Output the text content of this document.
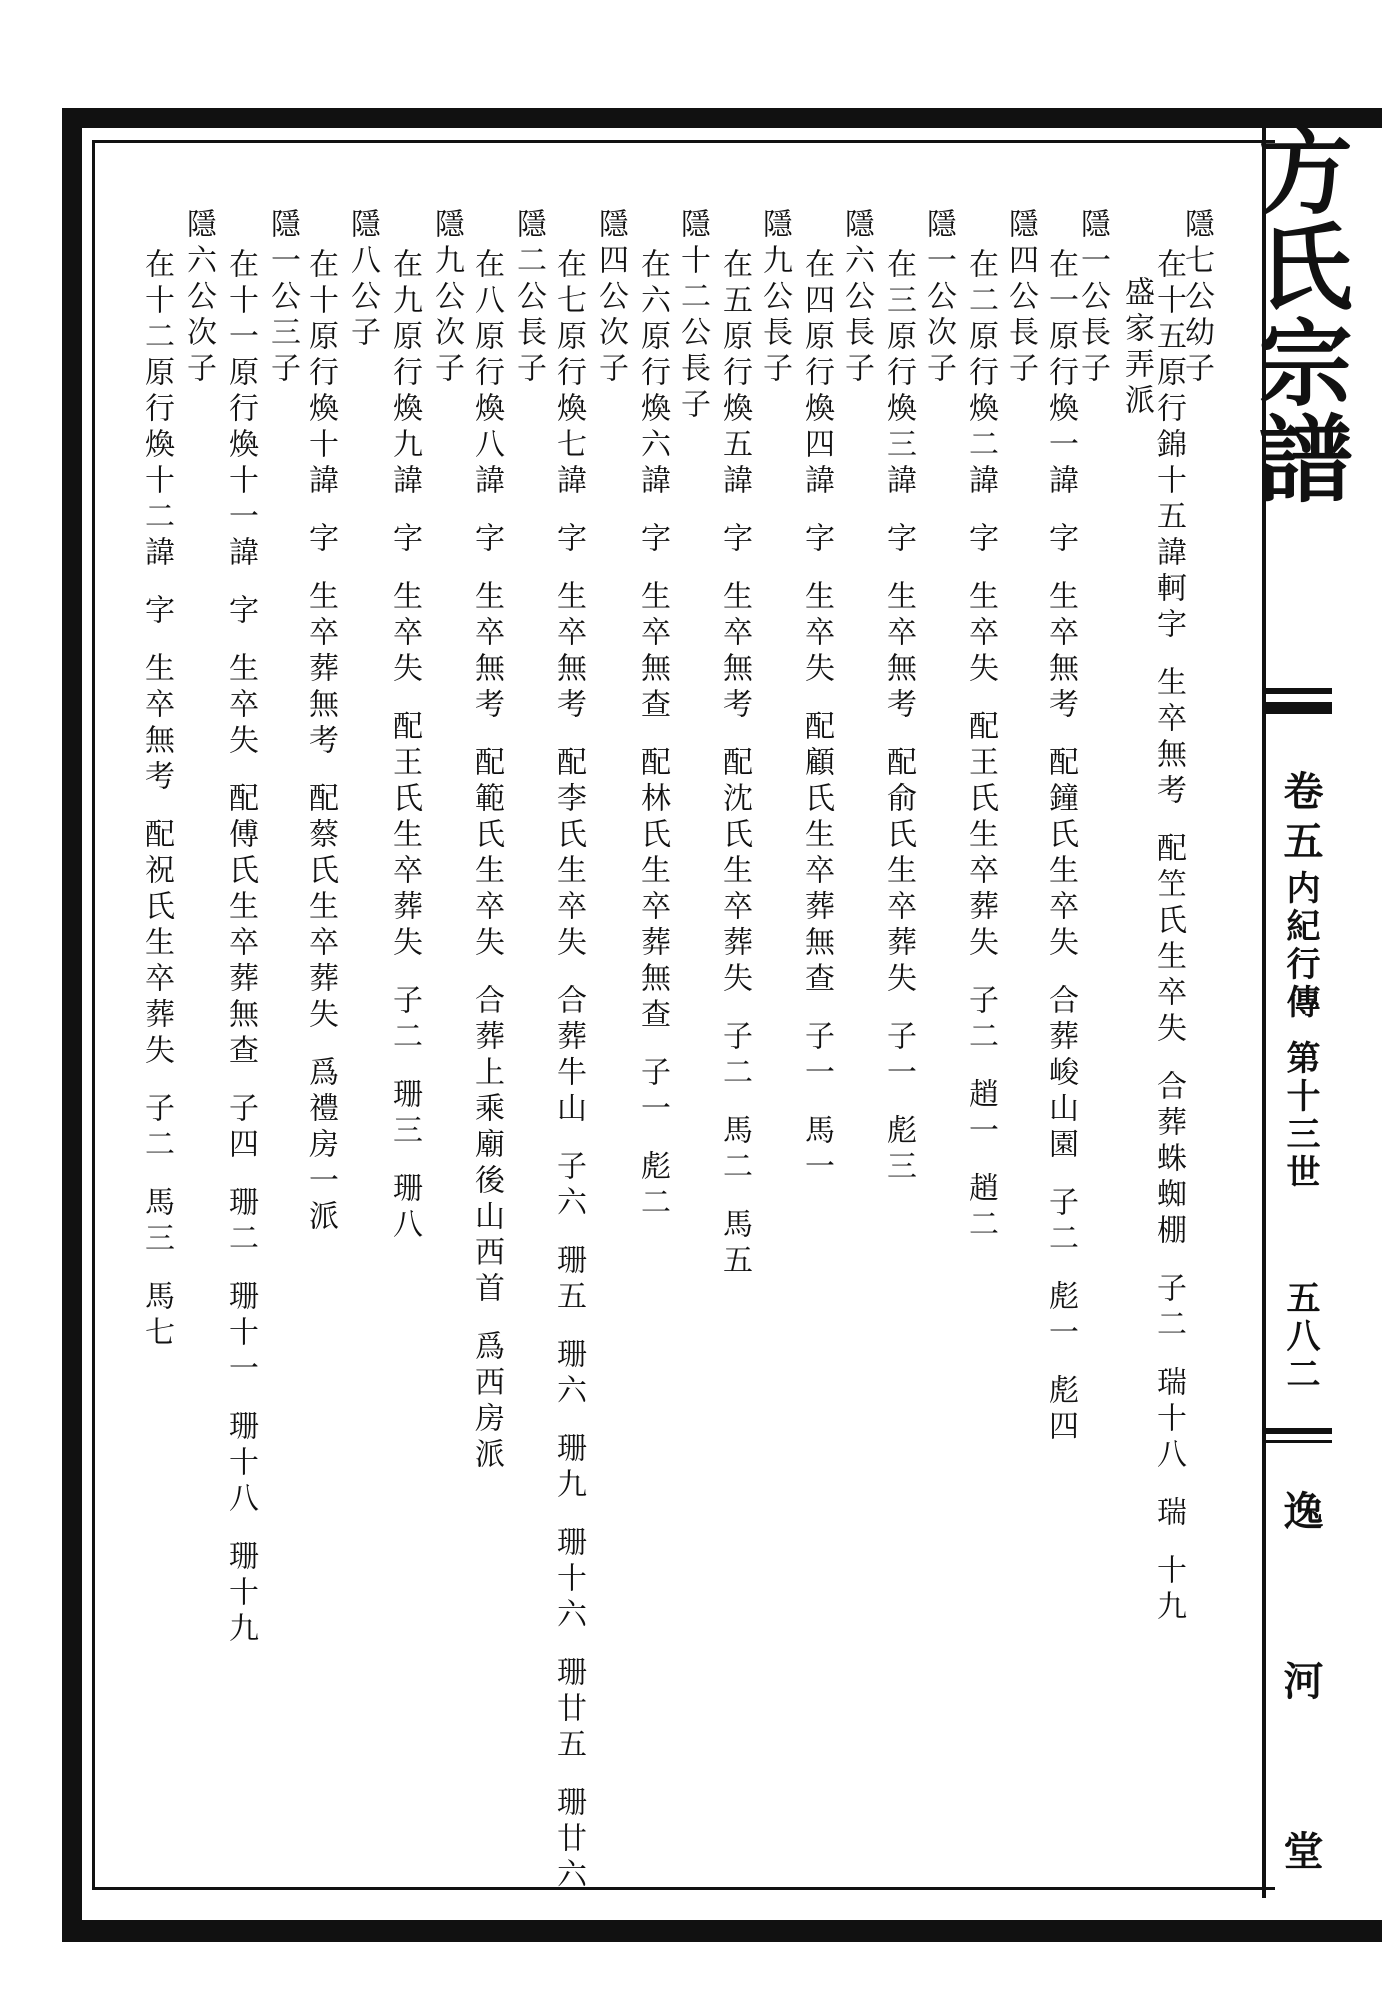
方氏宗譜
卷五
内紀行傳
第十三世
五八二
逸
河
堂
隱七公幼子
在十五原行錦十五諱軻字生卒無考配笁氏生卒失合葬蛛蜘棚子二瑞十八瑞十九
盛家弄派
隱一公長子
在一原行煥一諱字生卒無考配鐘氏生卒失合葬峻山園子二彪一彪四
隱四公長子
在二原行煥二諱字生卒失配王氏生卒葬失子二趙一趙二
隱一公次子
在三原行煥三諱字生卒無考配俞氏生卒葬失子一彪三
隱六公長子
在四原行煥四諱字生卒失配顧氏生卒葬無查子一馬一
隱九公長子
在五原行煥五諱字生卒無考配沈氏生卒葬失子二馬二馬五
隱十二公長子
在六原行煥六諱字生卒無查配林氏生卒葬無查子一彪二
隱四公次子
在七原行煥七諱字生卒無考配李氏生卒失合葬牛山子六珊五珊六珊九珊十六珊廿五珊廿六
隱二公長子
在八原行煥八諱字生卒無考配範氏生卒失合葬上乘廟後山西首爲西房派
隱九公次子
在九原行煥九諱字生卒失配王氏生卒葬失子二珊三珊八
隱八公子
在十原行煥十諱字生卒葬無考配蔡氏生卒葬失爲禮房一派
隱一公三子
在十一原行煥十一諱字生卒失配傅氏生卒葬無查子四珊二珊十一珊十八珊十九
隱六公次子
在十二原行煥十二諱字生卒無考配祝氏生卒葬失子二馬三馬七
